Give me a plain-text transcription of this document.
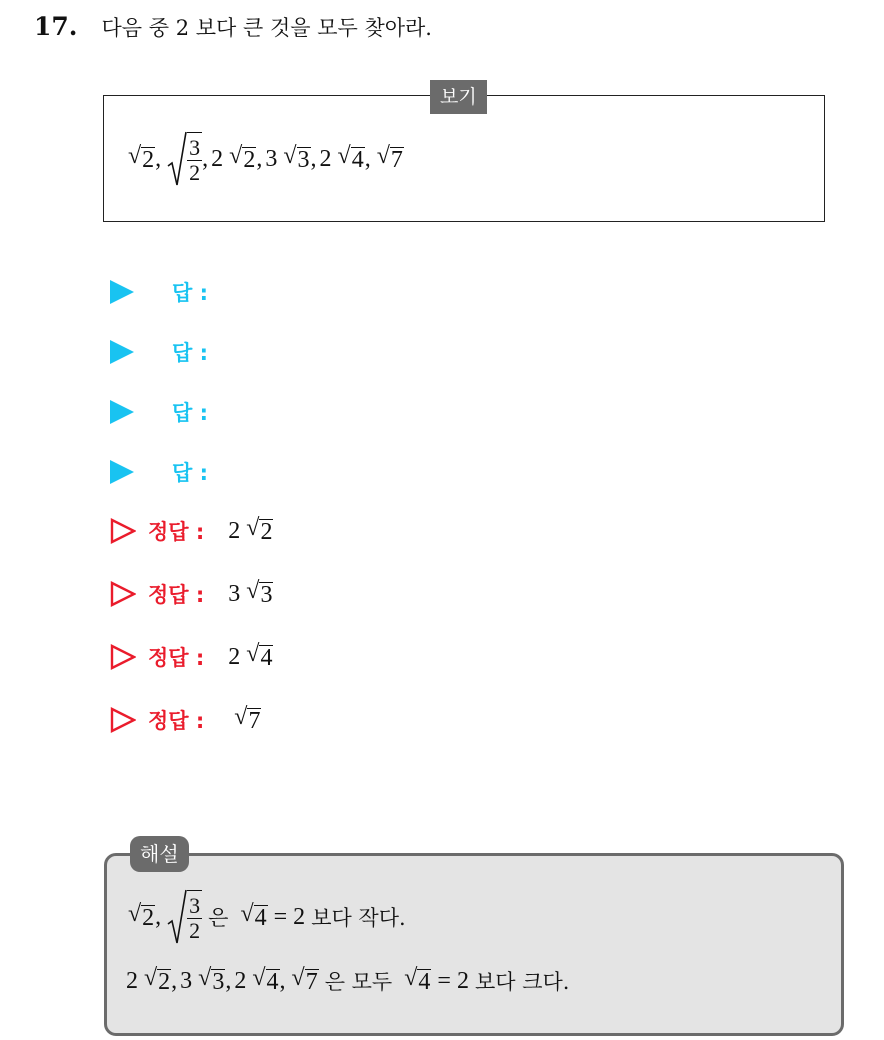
17. 다음 중 2 보다 큰 것을 모두 찾아라.
보기
√ 2 , $\frac{3}{2}$ , 2 √ 2 , 3 √ 3 , 2 √ 4 , √ 7
답 :
답 :
답 :
답 :
정답 : 2 √ 2
정답 : 3 √ 3
정답 : 2 √ 4
정답 :
√ 7
해설
√ 2 , $\frac{3}{2}$ 은 √ 4 = 2 보다 작다.
2 √ 2 , 3 √ 3 , 2 √ 4 , √ 7 은 모두 √ 4 = 2 보다 크다.
